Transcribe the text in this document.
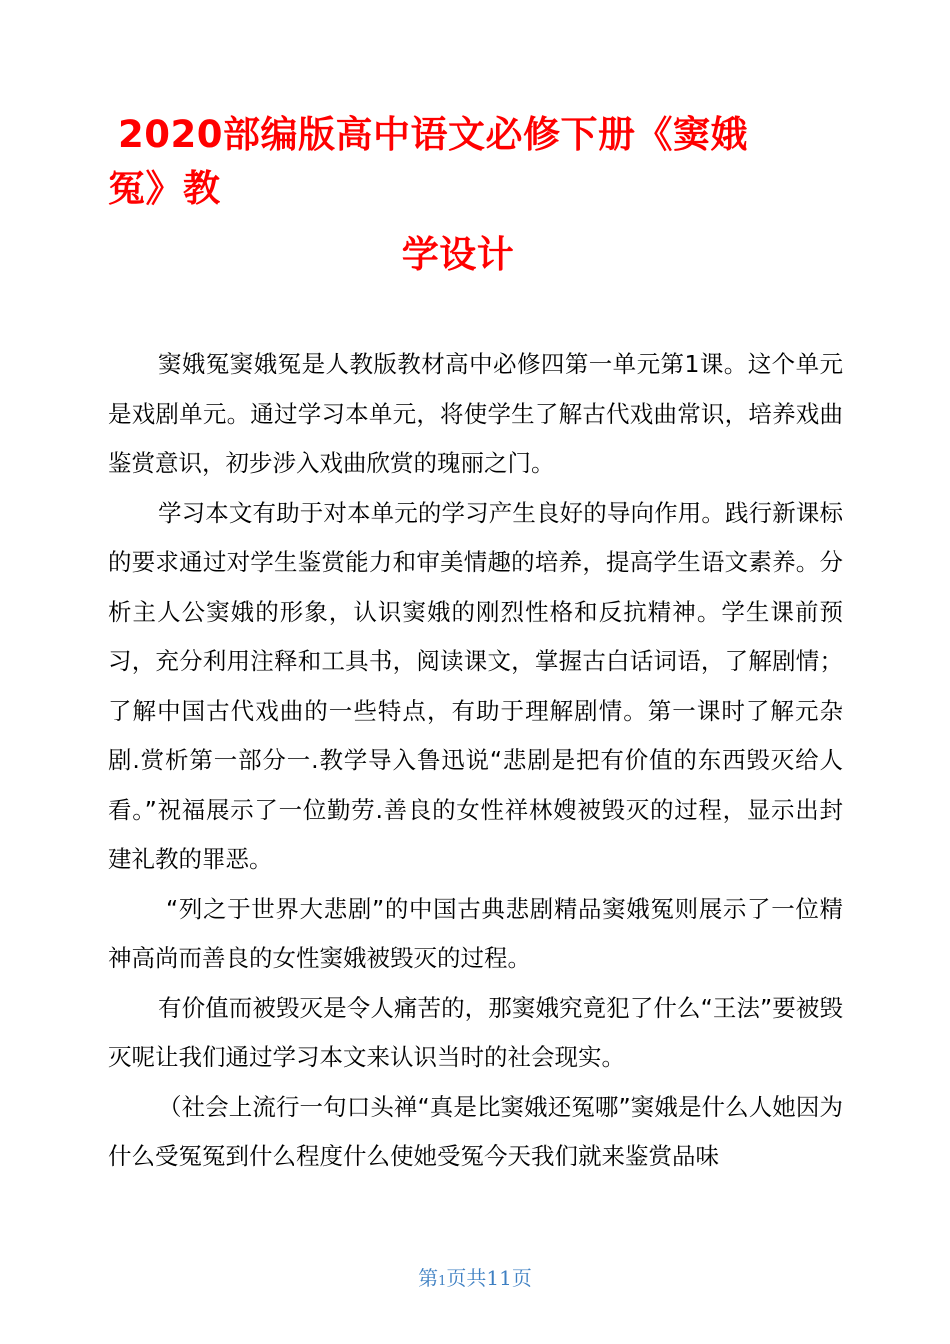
2020部编版高中语文必修下册《窦娥
冤》教
学设计

窦娥冤窦娥冤是人教版教材高中必修四第一单元第1课。这个单元是戏剧单元。通过学习本单元，将使学生了解古代戏曲常识，培养戏曲鉴赏意识，初步涉入戏曲欣赏的瑰丽之门。

学习本文有助于对本单元的学习产生良好的导向作用。践行新课标的要求通过对学生鉴赏能力和审美情趣的培养，提高学生语文素养。分析主人公窦娥的形象，认识窦娥的刚烈性格和反抗精神。学生课前预习，充分利用注释和工具书，阅读课文，掌握古白话词语，了解剧情；了解中国古代戏曲的一些特点，有助于理解剧情。第一课时了解元杂剧.赏析第一部分一.教学导入鲁迅说“悲剧是把有价值的东西毁灭给人看。”祝福展示了一位勤劳.善良的女性祥林嫂被毁灭的过程，显示出封建礼教的罪恶。

“列之于世界大悲剧”的中国古典悲剧精品窦娥冤则展示了一位精神高尚而善良的女性窦娥被毁灭的过程。

有价值而被毁灭是令人痛苦的，那窦娥究竟犯了什么“王法”要被毁灭呢让我们通过学习本文来认识当时的社会现实。

（社会上流行一句口头禅“真是比窦娥还冤哪”窦娥是什么人她因为什么受冤冤到什么程度什么使她受冤今天我们就来鉴赏品味

第1页共11页
